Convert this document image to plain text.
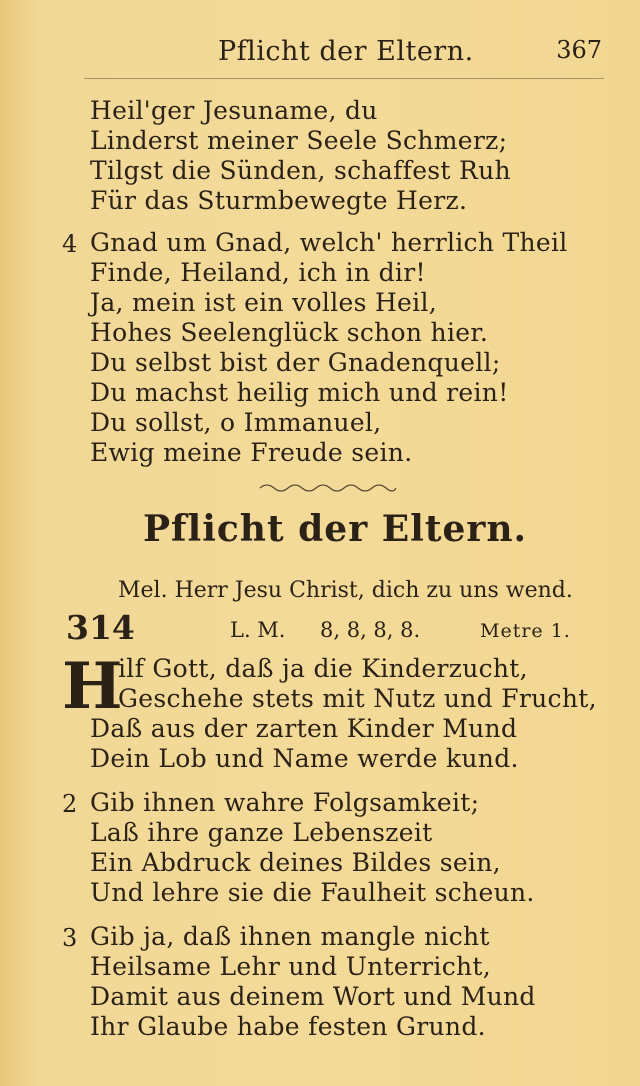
Pflicht der Eltern.	367
Heil'ger Jesuname, du
Linderst meiner Seele Schmerz;
Tilgst die Sünden, schaffest Ruh
Für das Sturmbewegte Herz.
4 Gnad um Gnad, welch' herrlich Theil
Finde, Heiland, ich in dir!
Ja, mein ist ein volles Heil,
Hohes Seelenglück schon hier.
Du selbst bist der Gnadenquell;
Du machst heilig mich und rein!
Du sollst, o Immanuel,
Ewig meine Freude sein.
Pflicht der Eltern.
Mel. Herr Jesu Christ, dich zu uns wend.
314	L. M. 8, 8, 8, 8.	Metre 1.
H
ilf Gott, daß ja die Kinderzucht,
Geschehe stets mit Nutz und Frucht,
Daß aus der zarten Kinder Mund
Dein Lob und Name werde kund.
2 Gib ihnen wahre Folgsamkeit;
Laß ihre ganze Lebenszeit
Ein Abdruck deines Bildes sein,
Und lehre sie die Faulheit scheun.
3 Gib ja, daß ihnen mangle nicht
Heilsame Lehr und Unterricht,
Damit aus deinem Wort und Mund
Ihr Glaube habe festen Grund.
